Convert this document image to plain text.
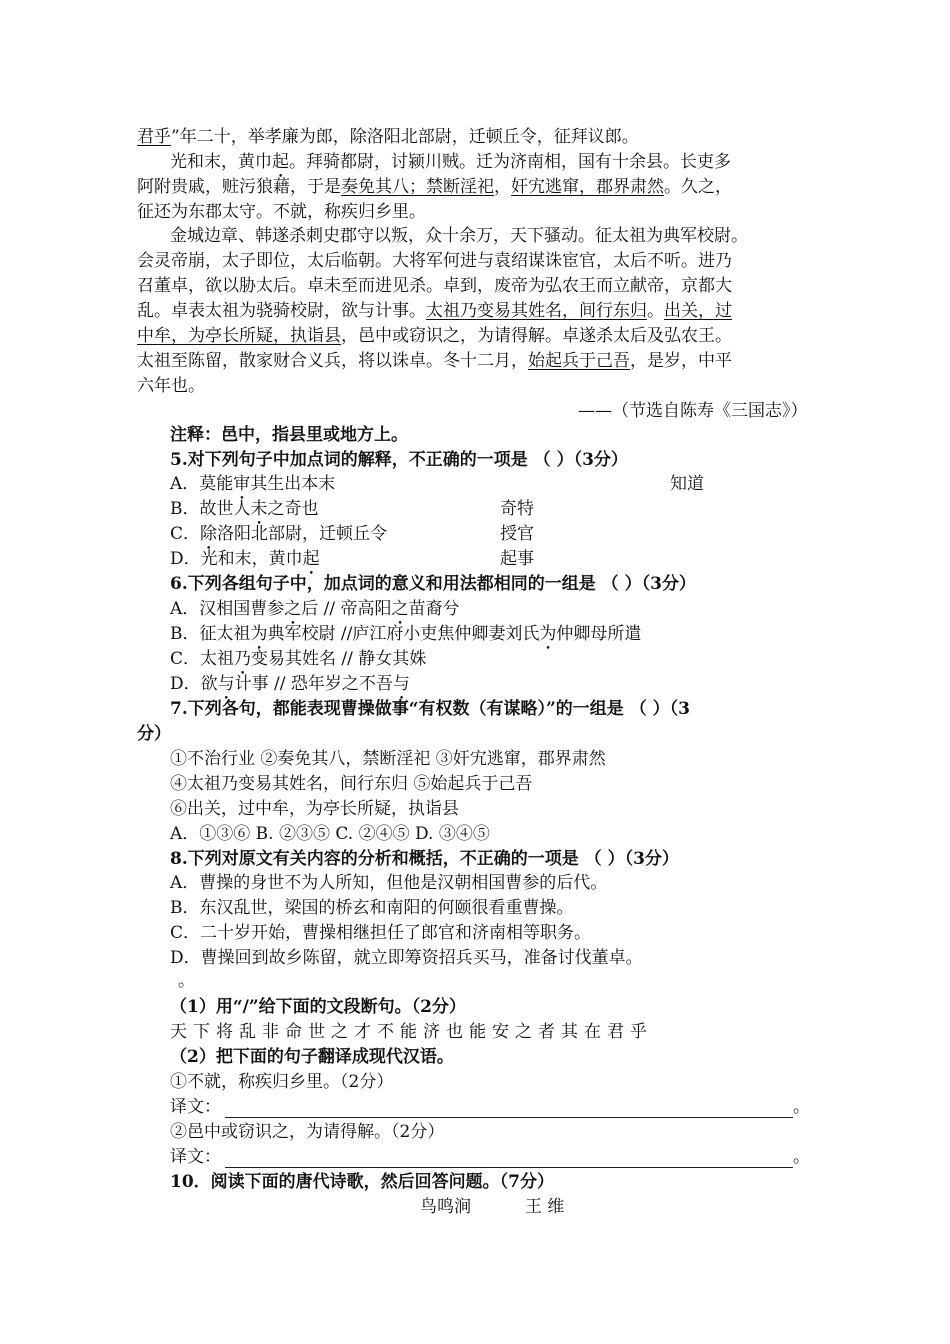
君乎”年二十，举孝廉为郎，除洛阳北部尉，迁顿丘令，征拜议郎。
光和末，黄巾起。拜骑都尉，讨颍川贼。迁为济南相，国有十余县。长吏多
阿附贵戚，赃污狼藉，于是奏免其八；禁断淫祀，奸宄逃窜，郡界肃然。久之，
征还为东郡太守。不就，称疾归乡里。
金城边章、韩遂杀刺史郡守以叛，众十余万，天下骚动。征太祖为典军校尉。
会灵帝崩，太子即位，太后临朝。大将军何进与袁绍谋诛宦官，太后不听。进乃
召董卓，欲以胁太后。卓未至而进见杀。卓到，废帝为弘农王而立献帝，京都大
乱。卓表太祖为骁骑校尉，欲与计事。太祖乃变易其姓名，间行东归。出关，过
中牟，为亭长所疑，执诣县，邑中或窃识之，为请得解。卓遂杀太后及弘农王。
太祖至陈留，散家财合义兵，将以诛卓。冬十二月，始起兵于己吾，是岁，中平
六年也。
——（节选自陈寿《三国志》）
注释：邑中，指县里或地方上。
5.对下列句子中加点词的解释，不正确的一项是 （ ）（3分）
A．莫能审其生出本末	知道
B．故世人未之奇也	奇特
C．除洛阳北部尉，迁顿丘令	授官
D．光和末，黄巾起	起事
6.下列各组句子中，加点词的意义和用法都相同的一组是 （ ）（3分）
A．汉相国曹参之后 // 帝高阳之苗裔兮
B．征太祖为典军校尉 //庐江府小吏焦仲卿妻刘氏为仲卿母所遣
C．太祖乃变易其姓名 // 静女其姝
D．欲与计事 // 恐年岁之不吾与
7.下列各句，都能表现曹操做事“有权数（有谋略）”的一组是 （ ）（3
分）
①不治行业 ②奏免其八，禁断淫祀 ③奸宄逃窜，郡界肃然
④太祖乃变易其姓名，间行东归 ⑤始起兵于己吾
⑥出关，过中牟，为亭长所疑，执诣县
A．①③⑥ B. ②③⑤ C. ②④⑤ D. ③④⑤
8.下列对原文有关内容的分析和概括，不正确的一项是 （ ）（3分）
A．曹操的身世不为人所知，但他是汉朝相国曹参的后代。
B．东汉乱世，梁国的桥玄和南阳的何颐很看重曹操。
C．二十岁开始，曹操相继担任了郎官和济南相等职务。
D．曹操回到故乡陈留，就立即筹资招兵买马，准备讨伐董卓。
。
（1）用“/”给下面的文段断句。（2分）
天下将乱非命世之才不能济也能安之者其在君乎
（2）把下面的句子翻译成现代汉语。
①不就，称疾归乡里。（2分）
译文：	。
②邑中或窃识之，为请得解。（2分）
译文：	。
10．阅读下面的唐代诗歌，然后回答问题。（7分）
鸟鸣涧	王 维
